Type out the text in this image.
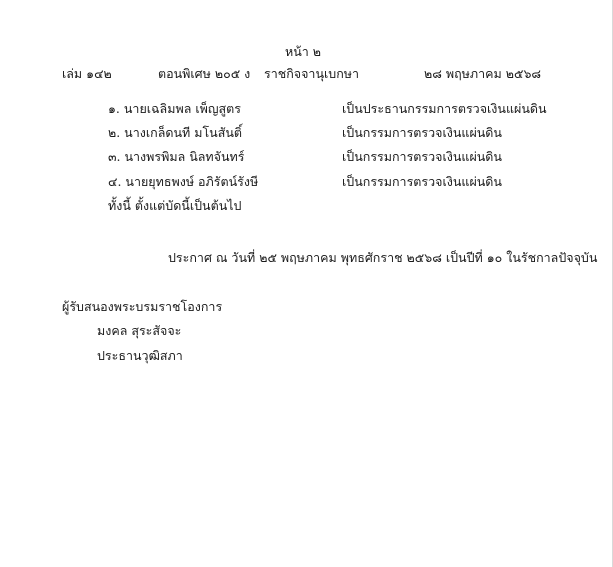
หน้า ๒
เล่ม ๑๔๒	ตอนพิเศษ ๒๐๕ ง ราชกิจจานุเบกษา	๒๘ พฤษภาคม ๒๕๖๘
๑. นายเฉลิมพล เพ็ญสูตร	เป็นประธานกรรมการตรวจเงินแผ่นดิน
๒. นางเกล็ดนที มโนสันติ์	เป็นกรรมการตรวจเงินแผ่นดิน
๓. นางพรพิมล นิลทจันทร์	เป็นกรรมการตรวจเงินแผ่นดิน
๔. นายยุทธพงษ์ อภิรัตน์รังษี	เป็นกรรมการตรวจเงินแผ่นดิน
ทั้งนี้ ตั้งแต่บัดนี้เป็นต้นไป
ประกาศ ณ วันที่ ๒๕ พฤษภาคม พุทธศักราช ๒๕๖๘ เป็นปีที่ ๑๐ ในรัชกาลปัจจุบัน
ผู้รับสนองพระบรมราชโองการ
มงคล สุระสัจจะ
ประธานวุฒิสภา
